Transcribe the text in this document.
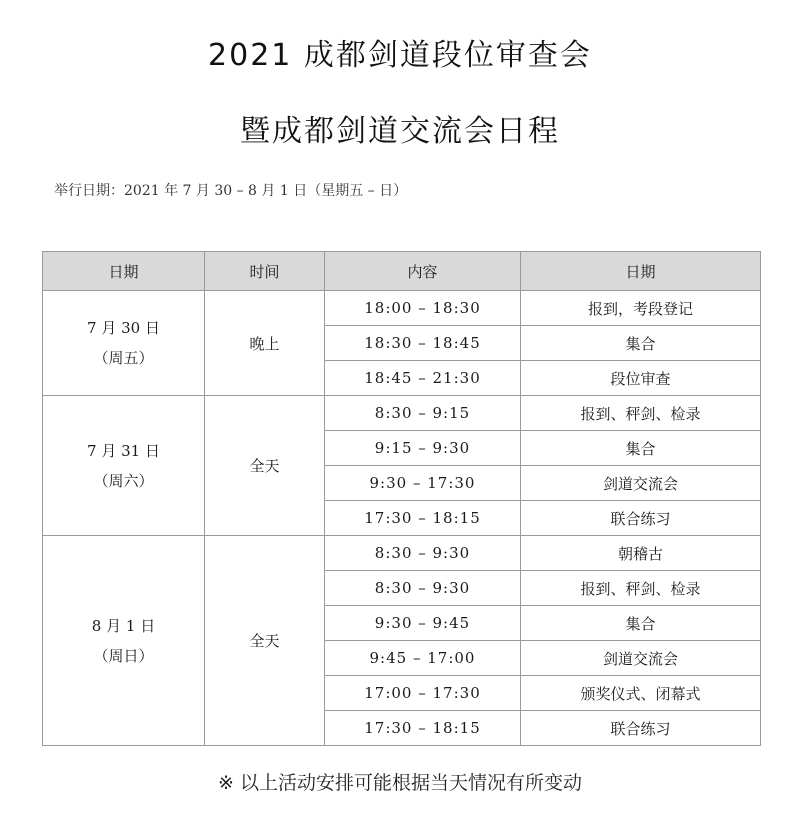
2021 成都剑道段位审查会
暨成都剑道交流会日程
举行日期：2021 年 7 月 30 – 8 月 1 日（星期五 – 日）
日期	时间	内容	日期

7 月 30 日
（周五）	晚上	18:00 – 18:30	报到，考段登记
		18:30 – 18:45	集合
		18:45 – 21:30	段位审查

7 月 31 日
（周六）	全天	8:30 – 9:15	报到、秤剑、检录
		9:15 – 9:30	集合
		9:30 – 17:30	剑道交流会
		17:30 – 18:15	联合练习

8 月 1 日
（周日）	全天	8:30 – 9:30	朝稽古
		8:30 – 9:30	报到、秤剑、检录
		9:30 – 9:45	集合
		9:45 – 17:00	剑道交流会
		17:00 – 17:30	颁奖仪式、闭幕式
		17:30 – 18:15	联合练习
※ 以上活动安排可能根据当天情况有所变动
